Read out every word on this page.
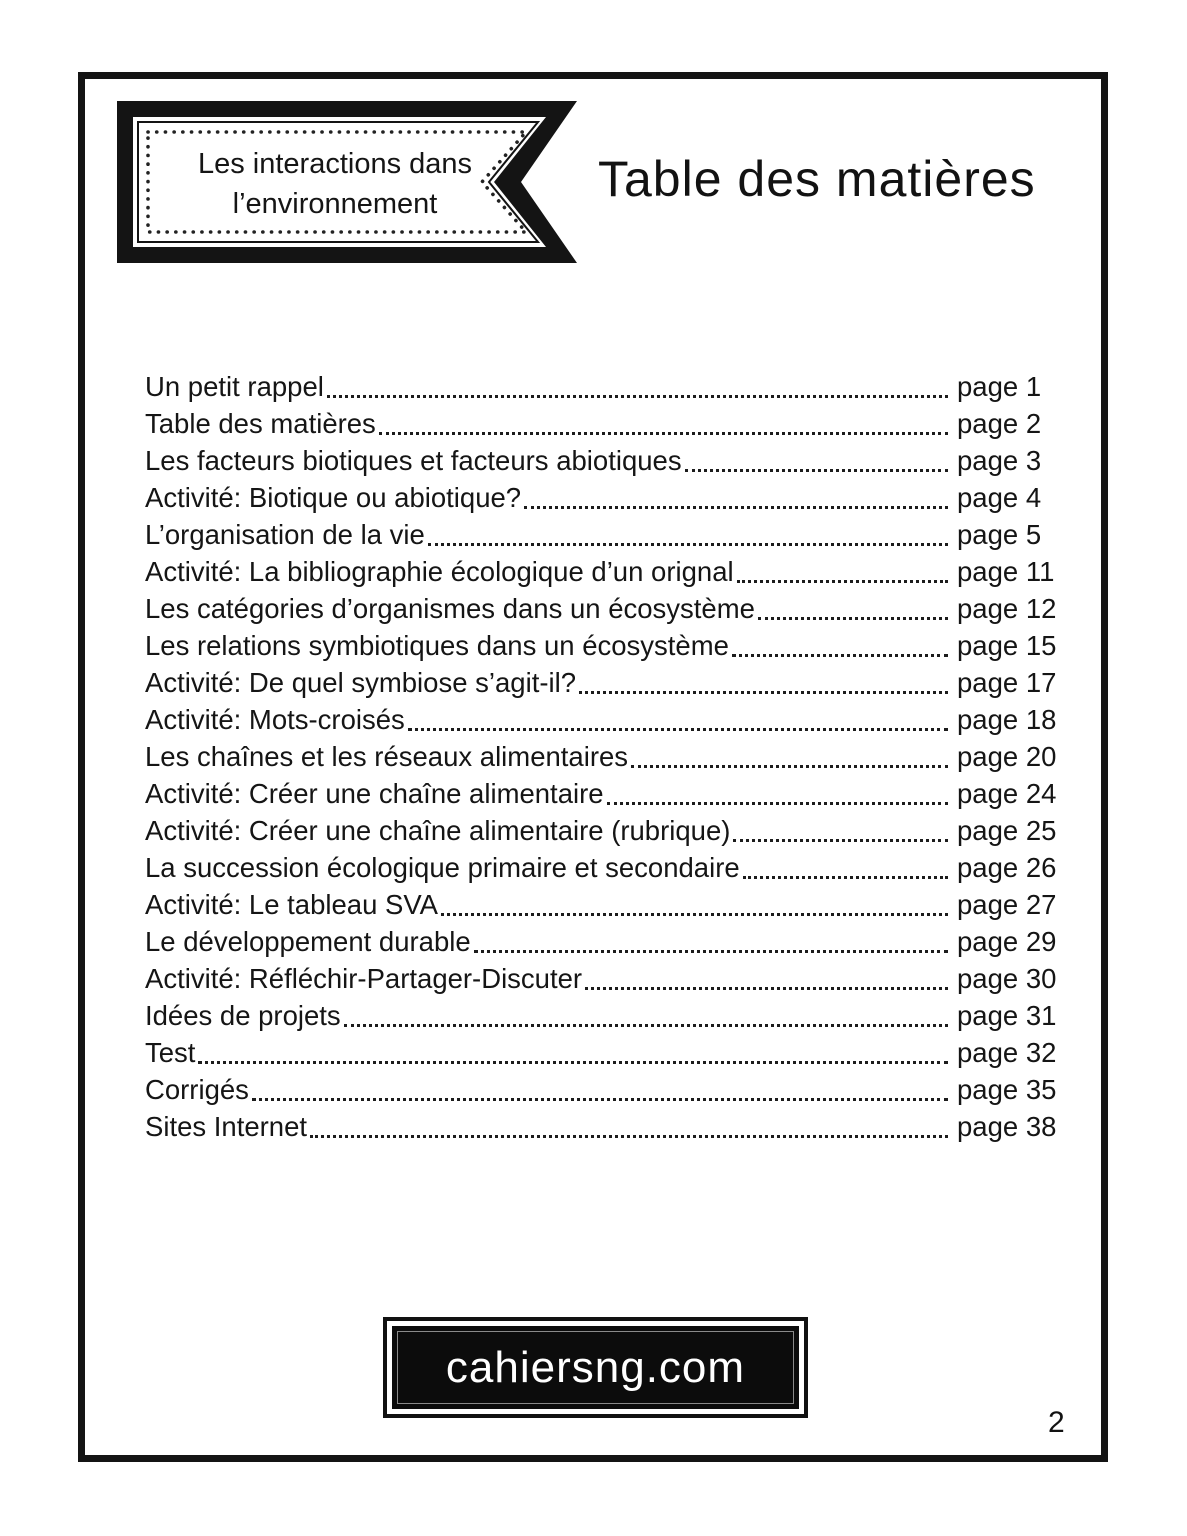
Les interactions dans
l’environnement	Table des matières
Un petit rappel	page 1
Table des matières	page 2
Les facteurs biotiques et facteurs abiotiques	page 3
Activité: Biotique ou abiotique?	page 4
L’organisation de la vie	page 5
Activité: La bibliographie écologique d’un orignal	page 11
Les catégories d’organismes dans un écosystème	page 12
Les relations symbiotiques dans un écosystème	page 15
Activité: De quel symbiose s’agit-il?	page 17
Activité: Mots-croisés	page 18
Les chaînes et les réseaux alimentaires	page 20
Activité: Créer une chaîne alimentaire	page 24
Activité: Créer une chaîne alimentaire (rubrique)	page 25
La succession écologique primaire et secondaire	page 26
Activité: Le tableau SVA	page 27
Le développement durable	page 29
Activité: Réfléchir-Partager-Discuter	page 30
Idées de projets	page 31
Test	page 32
Corrigés	page 35
Sites Internet	page 38
cahiersng.com
2
